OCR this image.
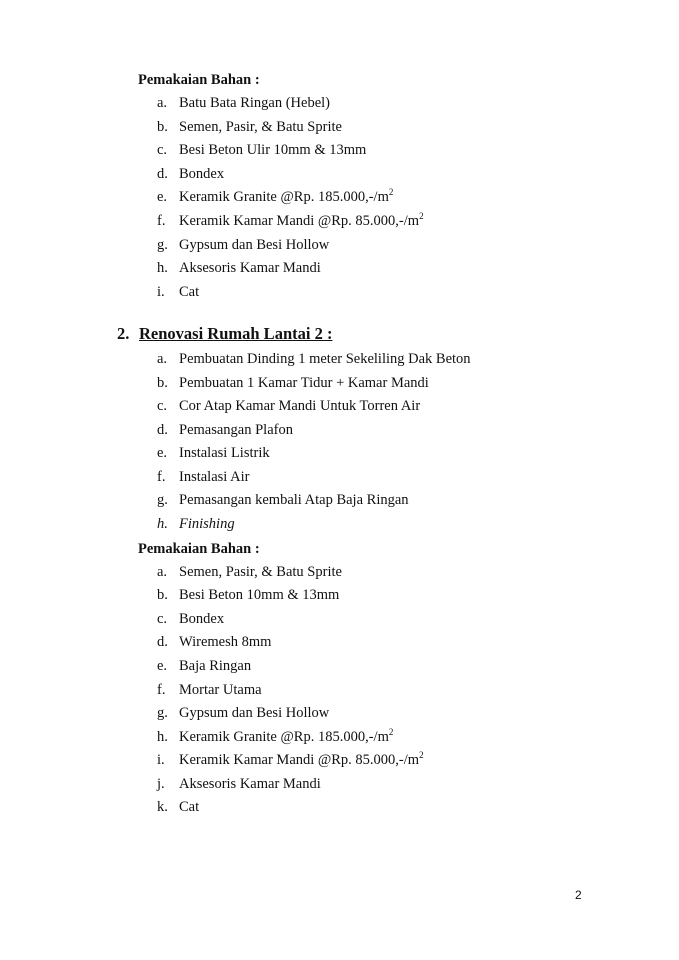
Pemakaian Bahan :
a. Batu Bata Ringan (Hebel)
b. Semen, Pasir, & Batu Sprite
c. Besi Beton Ulir 10mm & 13mm
d. Bondex
e. Keramik Granite @Rp. $185.000,-/m^2$
f. Keramik Kamar Mandi @Rp. $85.000,-/m^2$
g. Gypsum dan Besi Hollow
h. Aksesoris Kamar Mandi
i. Cat
2. Renovasi Rumah Lantai 2 :
a. Pembuatan Dinding 1 meter Sekeliling Dak Beton
b. Pembuatan 1 Kamar Tidur + Kamar Mandi
c. Cor Atap Kamar Mandi Untuk Torren Air
d. Pemasangan Plafon
e. Instalasi Listrik
f. Instalasi Air
g. Pemasangan kembali Atap Baja Ringan
h. Finishing
Pemakaian Bahan :
a. Semen, Pasir, & Batu Sprite
b. Besi Beton 10mm & 13mm
c. Bondex
d. Wiremesh 8mm
e. Baja Ringan
f. Mortar Utama
g. Gypsum dan Besi Hollow
h. Keramik Granite @Rp. $185.000,-/m^2$
i. Keramik Kamar Mandi @Rp. $85.000,-/m^2$
j. Aksesoris Kamar Mandi
k. Cat
2
